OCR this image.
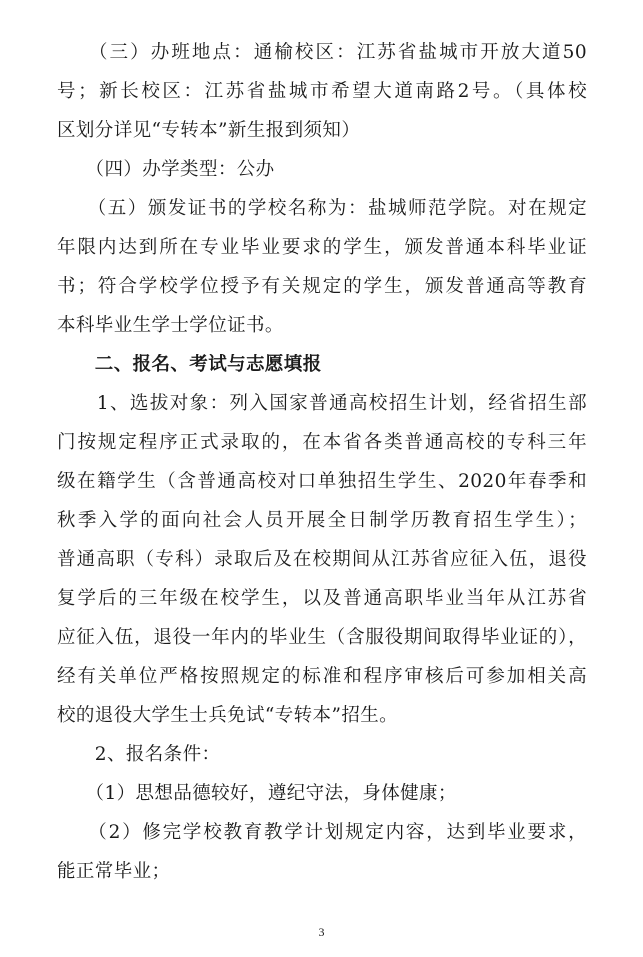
　　（三）办班地点：通榆校区：江苏省盐城市开放大道50
号；新长校区：江苏省盐城市希望大道南路2号。（具体校
区划分详见“专转本”新生报到须知）
　　（四）办学类型：公办
　　（五）颁发证书的学校名称为：盐城师范学院。对在规定
年限内达到所在专业毕业要求的学生，颁发普通本科毕业证
书；符合学校学位授予有关规定的学生，颁发普通高等教育
本科毕业生学士学位证书。
　　二、报名、考试与志愿填报
　　1、选拔对象：列入国家普通高校招生计划，经省招生部
门按规定程序正式录取的，在本省各类普通高校的专科三年
级在籍学生（含普通高校对口单独招生学生、2020年春季和
秋季入学的面向社会人员开展全日制学历教育招生学生）；
普通高职（专科）录取后及在校期间从江苏省应征入伍，退役
复学后的三年级在校学生，以及普通高职毕业当年从江苏省
应征入伍，退役一年内的毕业生（含服役期间取得毕业证的），
经有关单位严格按照规定的标准和程序审核后可参加相关高
校的退役大学生士兵免试“专转本”招生。
　　2、报名条件：
　　（1）思想品德较好，遵纪守法，身体健康；
　　（2）修完学校教育教学计划规定内容，达到毕业要求，
能正常毕业；
3
